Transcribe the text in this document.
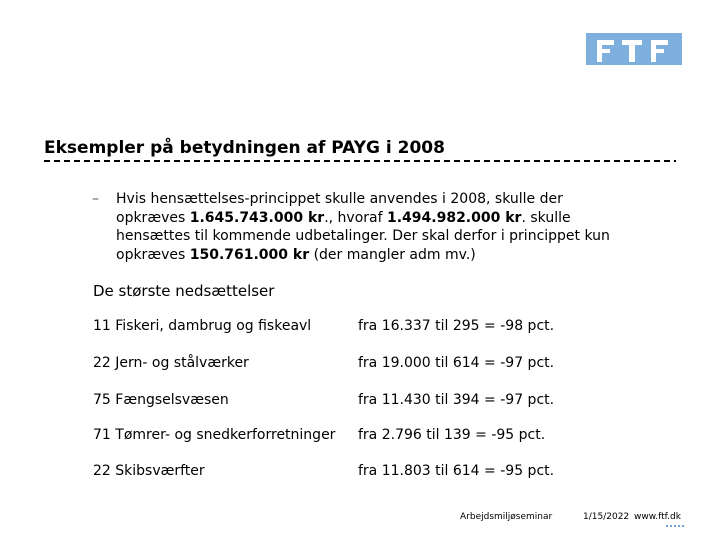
Eksempler på betydningen af PAYG i 2008
– Hvis hensættelses-princippet skulle anvendes i 2008, skulle der opkræves 1.645.743.000 kr., hvoraf 1.494.982.000 kr. skulle hensættes til kommende udbetalinger. Der skal derfor i princippet kun opkræves 150.761.000 kr (der mangler adm mv.)
De største nedsættelser
11 Fiskeri, dambrug og fiskeavl	fra 16.337 til 295 = -98 pct.
22 Jern- og stålværker	fra 19.000 til 614 = -97 pct.
75 Fængselsvæsen	fra 11.430 til 394 = -97 pct.
71 Tømrer- og snedkerforretninger fra 2.796 til 139 = -95 pct.
22 Skibsværfter	fra 11.803 til 614 = -95 pct.
Arbejdsmiljøseminar	1/15/2022 www.ftf.dk
